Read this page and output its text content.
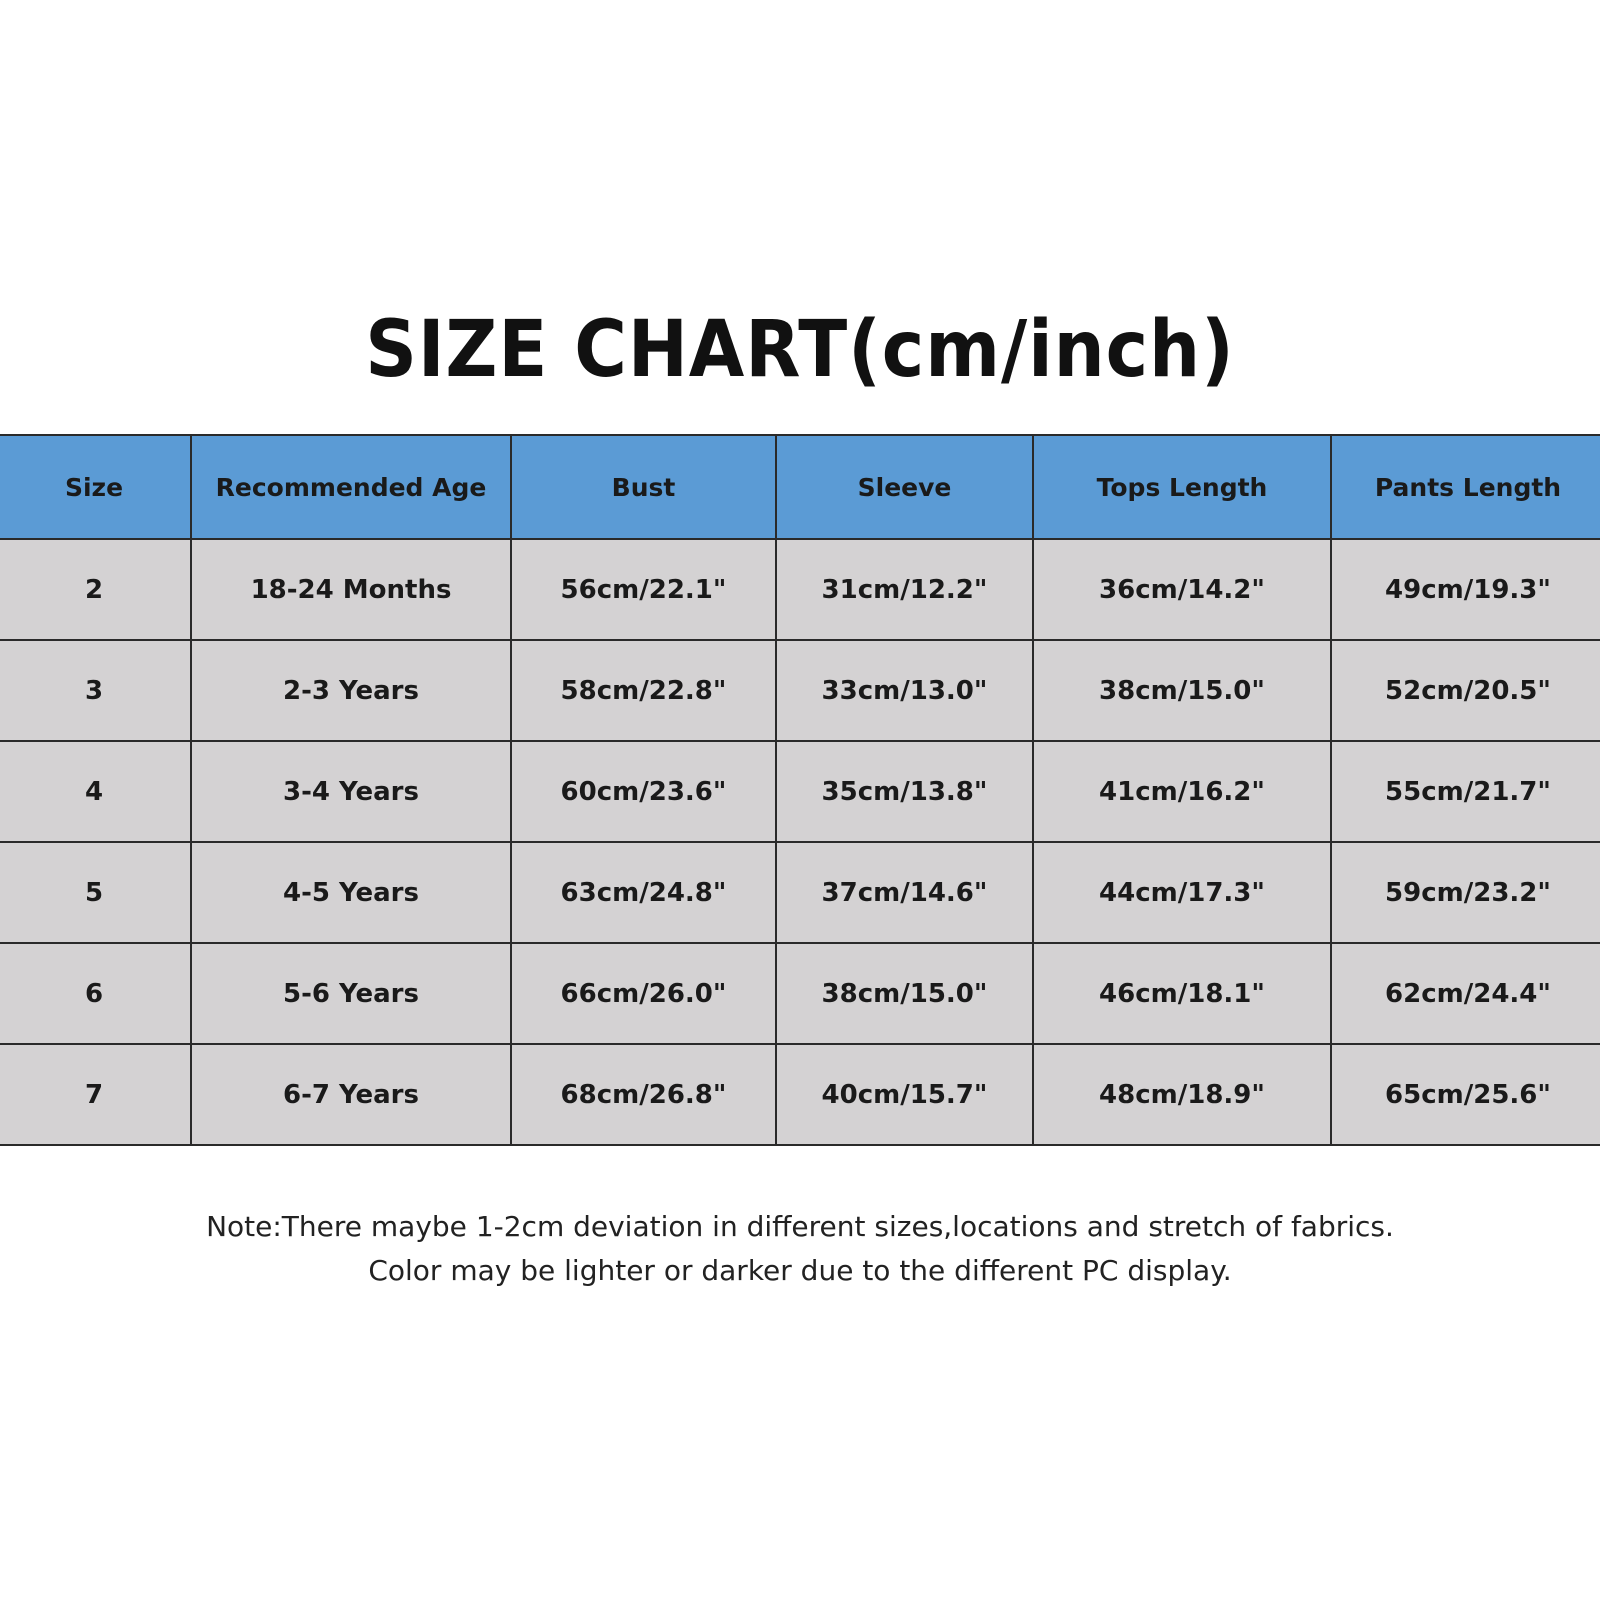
SIZE CHART(cm/inch)
Size	Recommended Age	Bust	Sleeve	Tops Length	Pants Length
2	18-24 Months	56cm/22.1"	31cm/12.2"	36cm/14.2"	49cm/19.3"
3	2-3 Years	58cm/22.8"	33cm/13.0"	38cm/15.0"	52cm/20.5"
4	3-4 Years	60cm/23.6"	35cm/13.8"	41cm/16.2"	55cm/21.7"
5	4-5 Years	63cm/24.8"	37cm/14.6"	44cm/17.3"	59cm/23.2"
6	5-6 Years	66cm/26.0"	38cm/15.0"	46cm/18.1"	62cm/24.4"
7	6-7 Years	68cm/26.8"	40cm/15.7"	48cm/18.9"	65cm/25.6"
Note:There maybe 1-2cm deviation in different sizes,locations and stretch of fabrics.
Color may be lighter or darker due to the different PC display.
